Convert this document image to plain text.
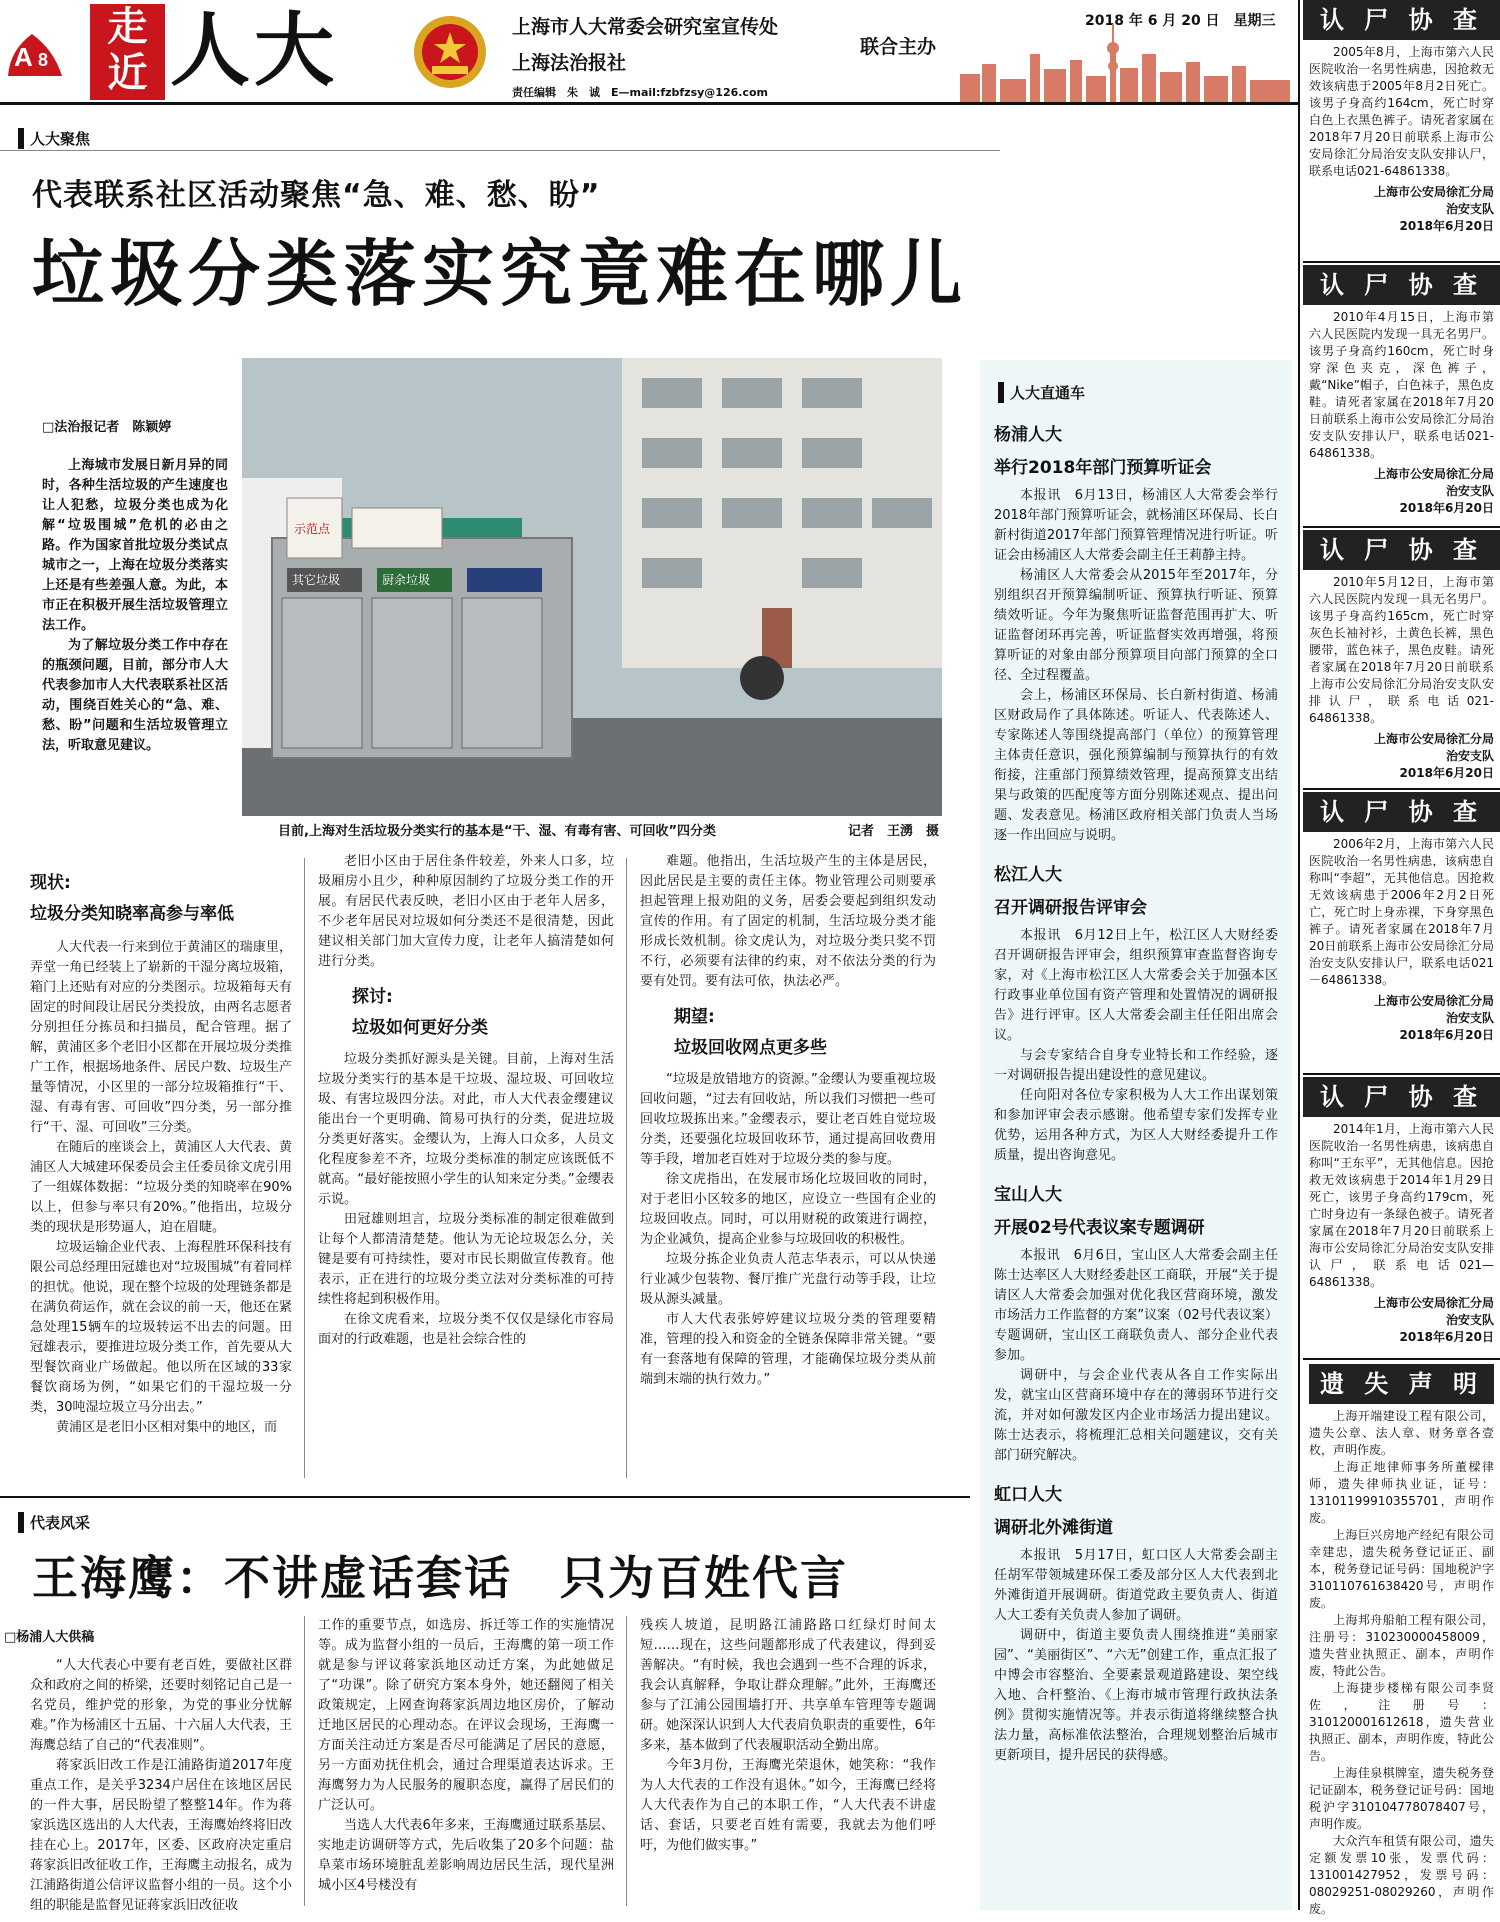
A 8
走
近 人大	上海市人大常委会研究室宣传处
上海法治报社
联合主办
责任编辑　朱　诚　E—mail:fzbfzsy@126.com
2018 年 6 月 20 日　星期三
人大聚焦
代表联系社区活动聚焦“急、难、愁、盼”
垃圾分类落实究竟难在哪儿
□法治报记者　陈颖婷

上海城市发展日新月异的同时，各种生活垃圾的产生速度也让人犯愁，垃圾分类也成为化解“垃圾围城”危机的必由之路。作为国家首批垃圾分类试点城市之一，上海在垃圾分类落实上还是有些差强人意。为此，本市正在积极开展生活垃圾管理立法工作。

为了解垃圾分类工作中存在的瓶颈问题，目前，部分市人大代表参加市人大代表联系社区活动，围绕百姓关心的“急、难、愁、盼”问题和生活垃圾管理立法，听取意见建议。

示范点
其它垃圾	厨余垃圾
目前,上海对生活垃圾分类实行的基本是“干、湿、有毒有害、可回收”四分类	记者　王湧　摄
现状:
垃圾分类知晓率高参与率低

人大代表一行来到位于黄浦区的瑞康里，弄堂一角已经装上了崭新的干湿分离垃圾箱，箱门上还贴有对应的分类图示。垃圾箱每天有固定的时间段让居民分类投放，由两名志愿者分别担任分拣员和扫描员，配合管理。据了解，黄浦区多个老旧小区都在开展垃圾分类推广工作，根据场地条件、居民户数、垃圾生产量等情况，小区里的一部分垃圾箱推行“干、湿、有毒有害、可回收”四分类，另一部分推行“干、湿、可回收”三分类。

在随后的座谈会上，黄浦区人大代表、黄浦区人大城建环保委员会主任委员徐文虎引用了一组媒体数据：“垃圾分类的知晓率在90%以上，但参与率只有20%。”他指出，垃圾分类的现状是形势逼人，迫在眉睫。

垃圾运输企业代表、上海程胜环保科技有限公司总经理田冠雄也对“垃圾围城”有着同样的担忧。他说，现在整个垃圾的处理链条都是在满负荷运作，就在会议的前一天，他还在紧急处理15辆车的垃圾转运不出去的问题。田冠雄表示，要推进垃圾分类工作，首先要从大型餐饮商业广场做起。他以所在区域的33家餐饮商场为例，“如果它们的干湿垃圾一分类，30吨湿垃圾立马分出去。”

黄浦区是老旧小区相对集中的地区，而

老旧小区由于居住条件较差，外来人口多，垃圾厢房小且少，种种原因制约了垃圾分类工作的开展。有居民代表反映，老旧小区由于老年人居多，不少老年居民对垃圾如何分类还不是很清楚，因此建议相关部门加大宣传力度，让老年人搞清楚如何进行分类。

探讨:
垃圾如何更好分类

垃圾分类抓好源头是关键。目前，上海对生活垃圾分类实行的基本是干垃圾、湿垃圾、可回收垃圾、有害垃圾四分法。对此，市人大代表金缨建议能出台一个更明确、简易可执行的分类，促进垃圾分类更好落实。金缨认为，上海人口众多，人员文化程度参差不齐，垃圾分类标准的制定应该既低不就高。“最好能按照小学生的认知来定分类。”金缨表示说。

田冠雄则坦言，垃圾分类标准的制定很难做到让每个人都清清楚楚。他认为无论垃圾怎么分，关键是要有可持续性，要对市民长期做宣传教育。他表示，正在进行的垃圾分类立法对分类标准的可持续性将起到积极作用。

在徐文虎看来，垃圾分类不仅仅是绿化市容局面对的行政难题，也是社会综合性的

难题。他指出，生活垃圾产生的主体是居民，因此居民是主要的责任主体。物业管理公司则要承担起管理上报劝阻的义务，居委会要起到组织发动宣传的作用。有了固定的机制，生活垃圾分类才能形成长效机制。徐文虎认为，对垃圾分类只奖不罚不行，必须要有法律的约束，对不依法分类的行为要有处罚。要有法可依，执法必严。

期望:
垃圾回收网点更多些

“垃圾是放错地方的资源。”金缨认为要重视垃圾回收问题，“过去有回收站，所以我们习惯把一些可回收垃圾拣出来。”金缨表示，要让老百姓自觉垃圾分类，还要强化垃圾回收环节，通过提高回收费用等手段，增加老百姓对于垃圾分类的参与度。

徐文虎指出，在发展市场化垃圾回收的同时，对于老旧小区较多的地区，应设立一些国有企业的垃圾回收点。同时，可以用财税的政策进行调控，为企业减负，提高企业参与垃圾回收的积极性。

垃圾分拣企业负责人范志华表示，可以从快递行业减少包装物、餐厅推广光盘行动等手段，让垃圾从源头减量。

市人大代表张婷婷建议垃圾分类的管理要精准，管理的投入和资金的全链条保障非常关键。“要有一套落地有保障的管理，才能确保垃圾分类从前端到末端的执行效力。”

人大直通车
杨浦人大
举行2018年部门预算听证会

本报讯　6月13日，杨浦区人大常委会举行2018年部门预算听证会，就杨浦区环保局、长白新村街道2017年部门预算管理情况进行听证。听证会由杨浦区人大常委会副主任王莉静主持。

杨浦区人大常委会从2015年至2017年，分别组织召开预算编制听证、预算执行听证、预算绩效听证。今年为聚焦听证监督范围再扩大、听证监督闭环再完善，听证监督实效再增强，将预算听证的对象由部分预算项目向部门预算的全口径、全过程覆盖。

会上，杨浦区环保局、长白新村街道、杨浦区财政局作了具体陈述。听证人、代表陈述人、专家陈述人等围绕提高部门（单位）的预算管理主体责任意识，强化预算编制与预算执行的有效衔接，注重部门预算绩效管理，提高预算支出结果与政策的匹配度等方面分别陈述观点、提出问题、发表意见。杨浦区政府相关部门负责人当场逐一作出回应与说明。

松江人大
召开调研报告评审会

本报讯　6月12日上午，松江区人大财经委召开调研报告评审会，组织预算审查监督咨询专家，对《上海市松江区人大常委会关于加强本区行政事业单位国有资产管理和处置情况的调研报告》进行评审。区人大常委会副主任任阳出席会议。

与会专家结合自身专业特长和工作经验，逐一对调研报告提出建设性的意见建议。

任向阳对各位专家积极为人大工作出谋划策和参加评审会表示感谢。他希望专家们发挥专业优势，运用各种方式，为区人大财经委提升工作质量，提出咨询意见。

宝山人大
开展02号代表议案专题调研

本报讯　6月6日，宝山区人大常委会副主任陈士达率区人大财经委赴区工商联，开展“关于提请区人大常委会加强对优化我区营商环境，激发市场活力工作监督的方案”议案（02号代表议案）专题调研，宝山区工商联负责人、部分企业代表参加。

调研中，与会企业代表从各自工作实际出发，就宝山区营商环境中存在的薄弱环节进行交流，并对如何激发区内企业市场活力提出建议。陈士达表示，将梳理汇总相关问题建议，交有关部门研究解决。

虹口人大
调研北外滩街道

本报讯　5月17日，虹口区人大常委会副主任胡军带领城建环保工委及部分区人大代表到北外滩街道开展调研。街道党政主要负责人、街道人大工委有关负责人参加了调研。

调研中，街道主要负责人围绕推进“美丽家园”、“美丽街区”、“六无”创建工作，重点汇报了中博会市容整治、全要素景观道路建设、架空线入地、合杆整治、《上海市城市管理行政执法条例》贯彻实施情况等。并表示街道将继续整合执法力量，高标准依法整治，合理规划整治后城市更新项目，提升居民的获得感。

代表风采
王海鹰：不讲虚话套话　只为百姓代言
□杨浦人大供稿

“人大代表心中要有老百姓，要做社区群众和政府之间的桥梁，还要时刻铭记自己是一名党员，维护党的形象，为党的事业分忧解难。”作为杨浦区十五届、十六届人大代表，王海鹰总结了自己的“代表准则”。

蒋家浜旧改工作是江浦路街道2017年度重点工作，是关乎3234户居住在该地区居民的一件大事，居民盼望了整整14年。作为蒋家浜选区选出的人大代表，王海鹰始终将旧改挂在心上。2017年，区委、区政府决定重启蒋家浜旧改征收工作，王海鹰主动报名，成为江浦路街道公信评议监督小组的一员。这个小组的职能是监督见证蒋家浜旧改征收

工作的重要节点，如选房、拆迁等工作的实施情况等。成为监督小组的一员后，王海鹰的第一项工作就是参与评议蒋家浜地区动迁方案，为此她做足了“功课”。除了研究方案本身外，她还翻阅了相关政策规定，上网查询蒋家浜周边地区房价，了解动迁地区居民的心理动态。在评议会现场，王海鹰一方面关注动迁方案是否尽可能满足了居民的意愿，另一方面劝抚住机会，通过合理渠道表达诉求。王海鹰努力为人民服务的履职态度，赢得了居民们的广泛认可。

当选人大代表6年多来，王海鹰通过联系基层、实地走访调研等方式，先后收集了20多个问题：盐阜菜市场环境脏乱差影响周边居民生活，现代星洲城小区4号楼没有

残疾人坡道，昆明路江浦路路口红绿灯时间太短……现在，这些问题都形成了代表建议，得到妥善解决。“有时候，我也会遇到一些不合理的诉求，我会认真解释，争取让群众理解。”此外，王海鹰还参与了江浦公园围墙打开、共享单车管理等专题调研。她深深认识到人大代表肩负职责的重要性，6年多来，基本做到了代表履职活动全勤出席。

今年3月份，王海鹰光荣退休，她笑称：“我作为人大代表的工作没有退休。”如今，王海鹰已经将人大代表作为自己的本职工作，“人大代表不讲虚话、套话，只要老百姓有需要，我就去为他们呼吁，为他们做实事。”

认 尸 协 查
2005年8月，上海市第六人民医院收治一名男性病患，因抢救无效该病患于2005年8月2日死亡。该男子身高约164cm，死亡时穿白色上衣黑色裤子。请死者家属在2018年7月20日前联系上海市公安局徐汇分局治安支队安排认尸，联系电话021-64861338。
上海市公安局徐汇分局
治安支队
2018年6月20日
认 尸 协 查
2010年4月15日，上海市第六人民医院内发现一具无名男尸。该男子身高约160cm，死亡时身穿深色夹克，深色裤子，戴“Nike”帽子，白色袜子，黑色皮鞋。请死者家属在2018年7月20日前联系上海市公安局徐汇分局治安支队安排认尸，联系电话021-64861338。
上海市公安局徐汇分局
治安支队
2018年6月20日
认 尸 协 查
2010年5月12日，上海市第六人民医院内发现一具无名男尸。该男子身高约165cm，死亡时穿灰色长袖衬衫，土黄色长裤，黑色腰带，蓝色袜子，黑色皮鞋。请死者家属在2018年7月20日前联系上海市公安局徐汇分局治安支队安排认尸，联系电话021-64861338。
上海市公安局徐汇分局
治安支队
2018年6月20日
认 尸 协 查
2006年2月，上海市第六人民医院收治一名男性病患，该病患自称叫“李超”，无其他信息。因抢救无效该病患于2006年2月2日死亡，死亡时上身赤裸，下身穿黑色裤子。请死者家属在2018年7月20日前联系上海市公安局徐汇分局治安支队安排认尸，联系电话021－64861338。
上海市公安局徐汇分局
治安支队
2018年6月20日
认 尸 协 查
2014年1月，上海市第六人民医院收治一名男性病患，该病患自称叫“王东平”，无其他信息。因抢救无效该病患于2014年1月29日死亡，该男子身高约179cm，死亡时身边有一条绿色被子。请死者家属在2018年7月20日前联系上海市公安局徐汇分局治安支队安排认尸，联系电话021—64861338。
上海市公安局徐汇分局
治安支队
2018年6月20日
遗 失 声 明

上海开端建设工程有限公司，遗失公章、法人章、财务章各壹枚，声明作废。

上海正地律师事务所董樑律师，遗失律师执业证，证号：13101199910355701，声明作废。

上海巨兴房地产经纪有限公司幸建忠，遗失税务登记证正、副本，税务登记证号码：国地税沪字310110761638420号，声明作废。

上海邦舟船舶工程有限公司，注册号：310230000458009，遗失营业执照正、副本，声明作废，特此公告。

上海捷步楼梯有限公司李贤佐，注册号：310120001612618，遗失营业执照正、副本，声明作废，特此公告。

上海佳泉棋牌室，遗失税务登记证副本，税务登记证号码：国地税沪字310104778078407号，声明作废。

大众汽车租赁有限公司，遗失定额发票10张，发票代码：131001427952，发票号码：08029251-08029260，声明作废。
